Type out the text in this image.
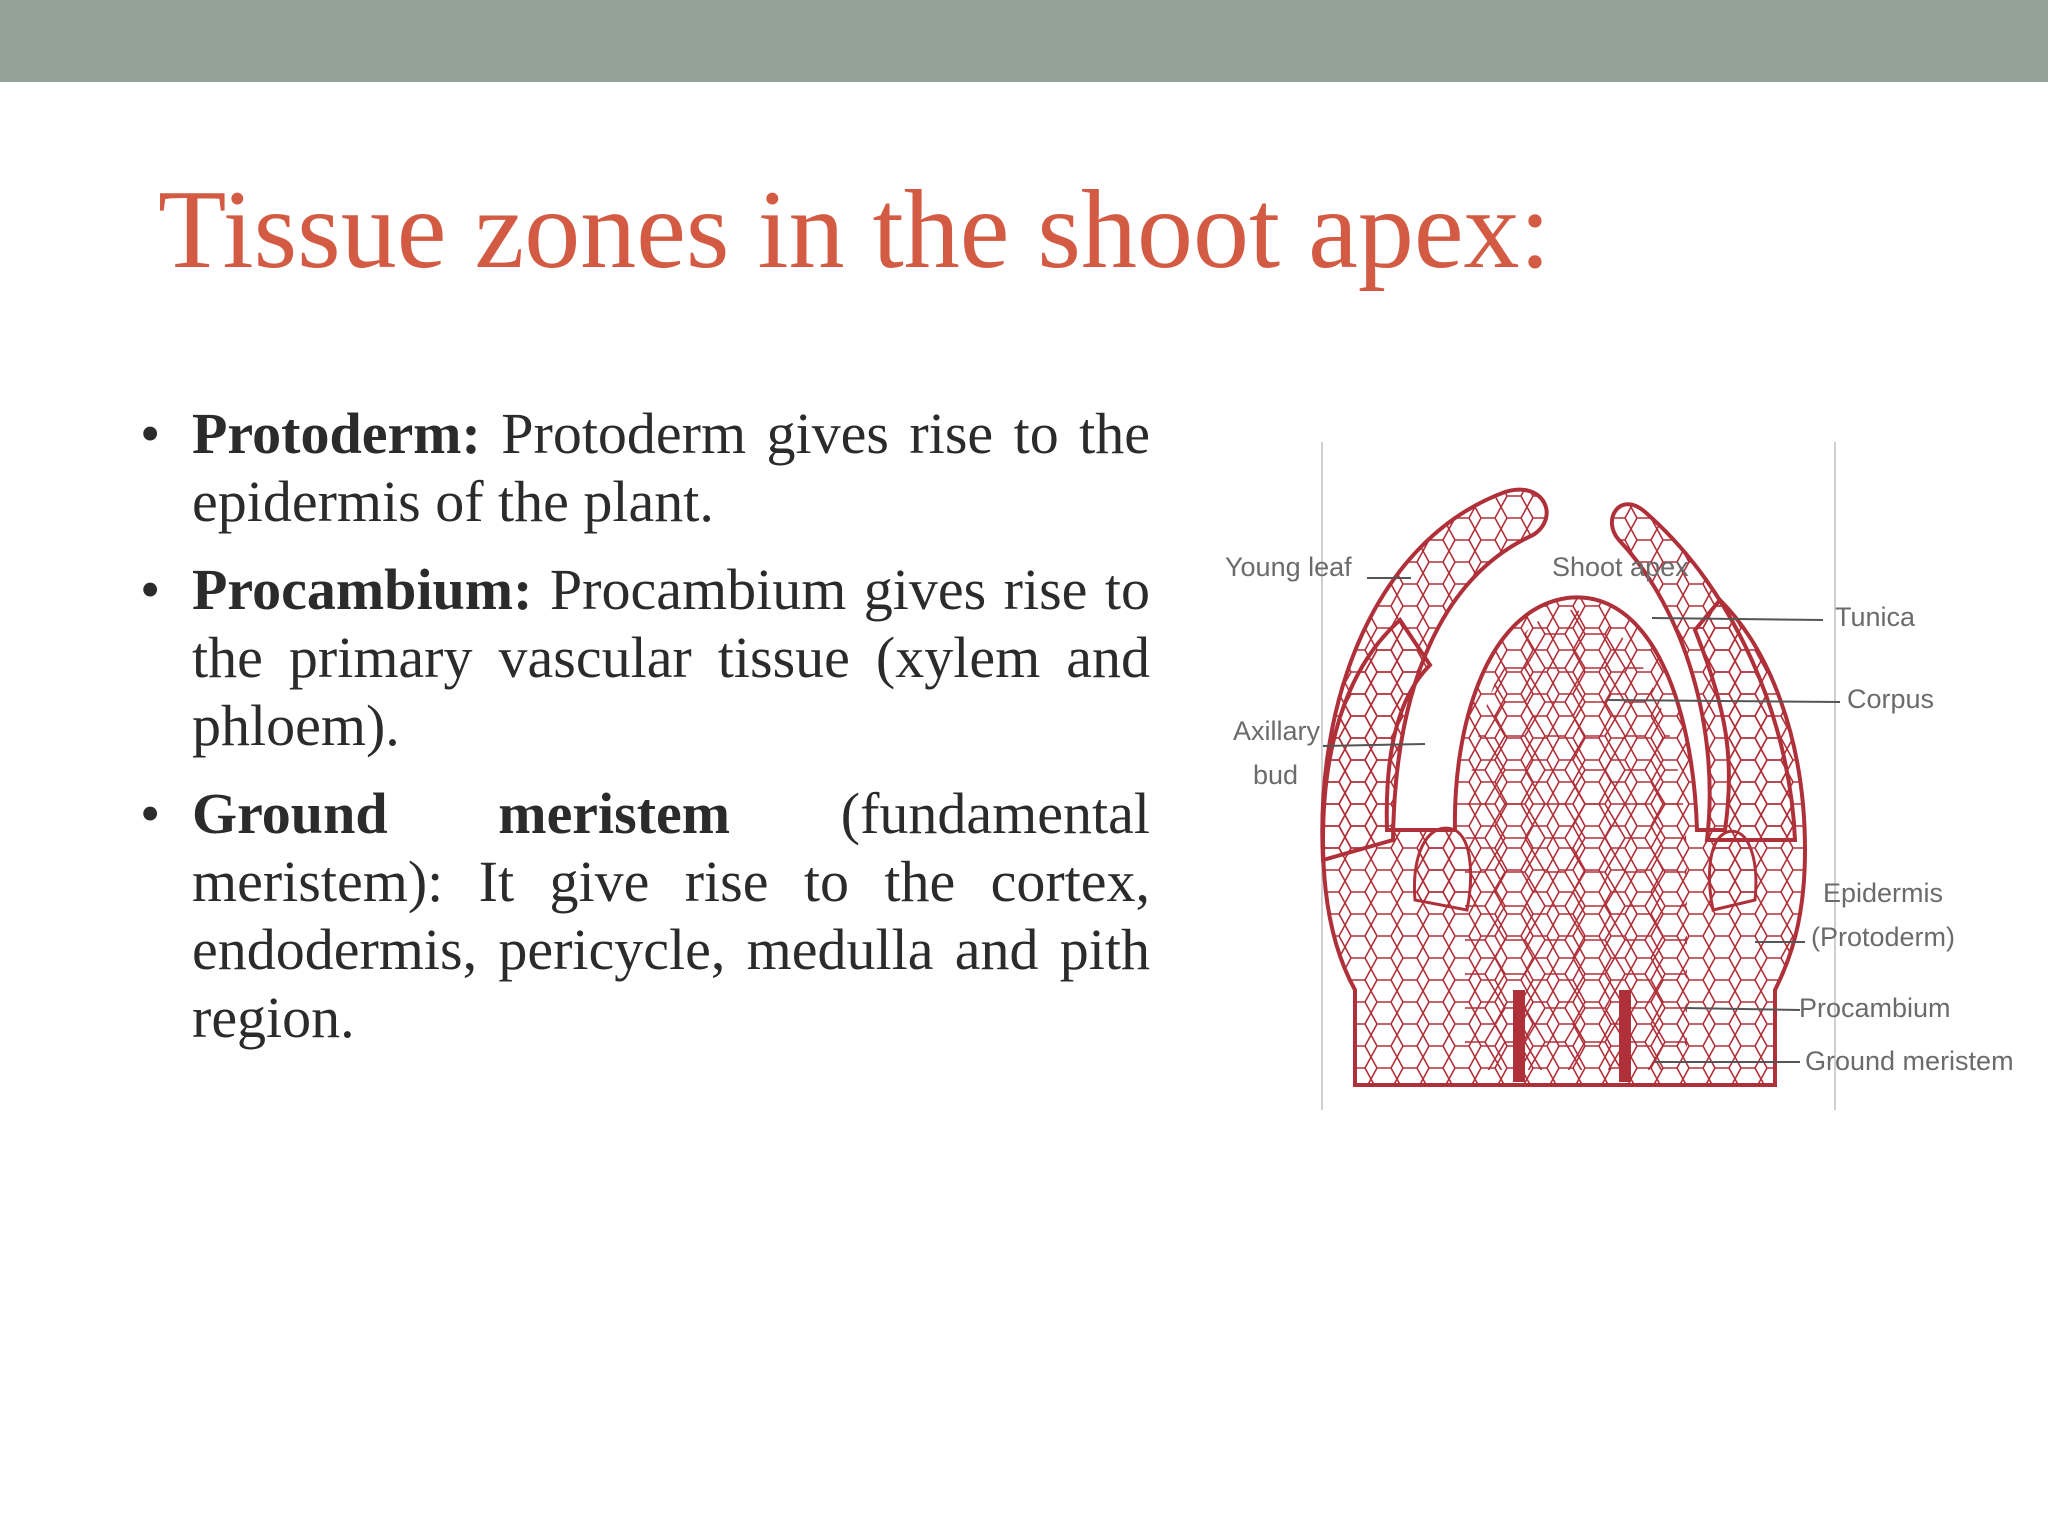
Tissue zones in the shoot apex:
• Protoderm: Protoderm gives rise to the epidermis of the plant.
• Procambium: Procambium gives rise to the primary vascular tissue (xylem and phloem).
• Ground meristem (fundamental meristem): It give rise to the cortex, endodermis, pericycle, medulla and pith region.
Young leaf	Shoot apex
Tunica
Corpus
Axillary
bud
Epidermis
(Protoderm)
Procambium
Ground meristem
